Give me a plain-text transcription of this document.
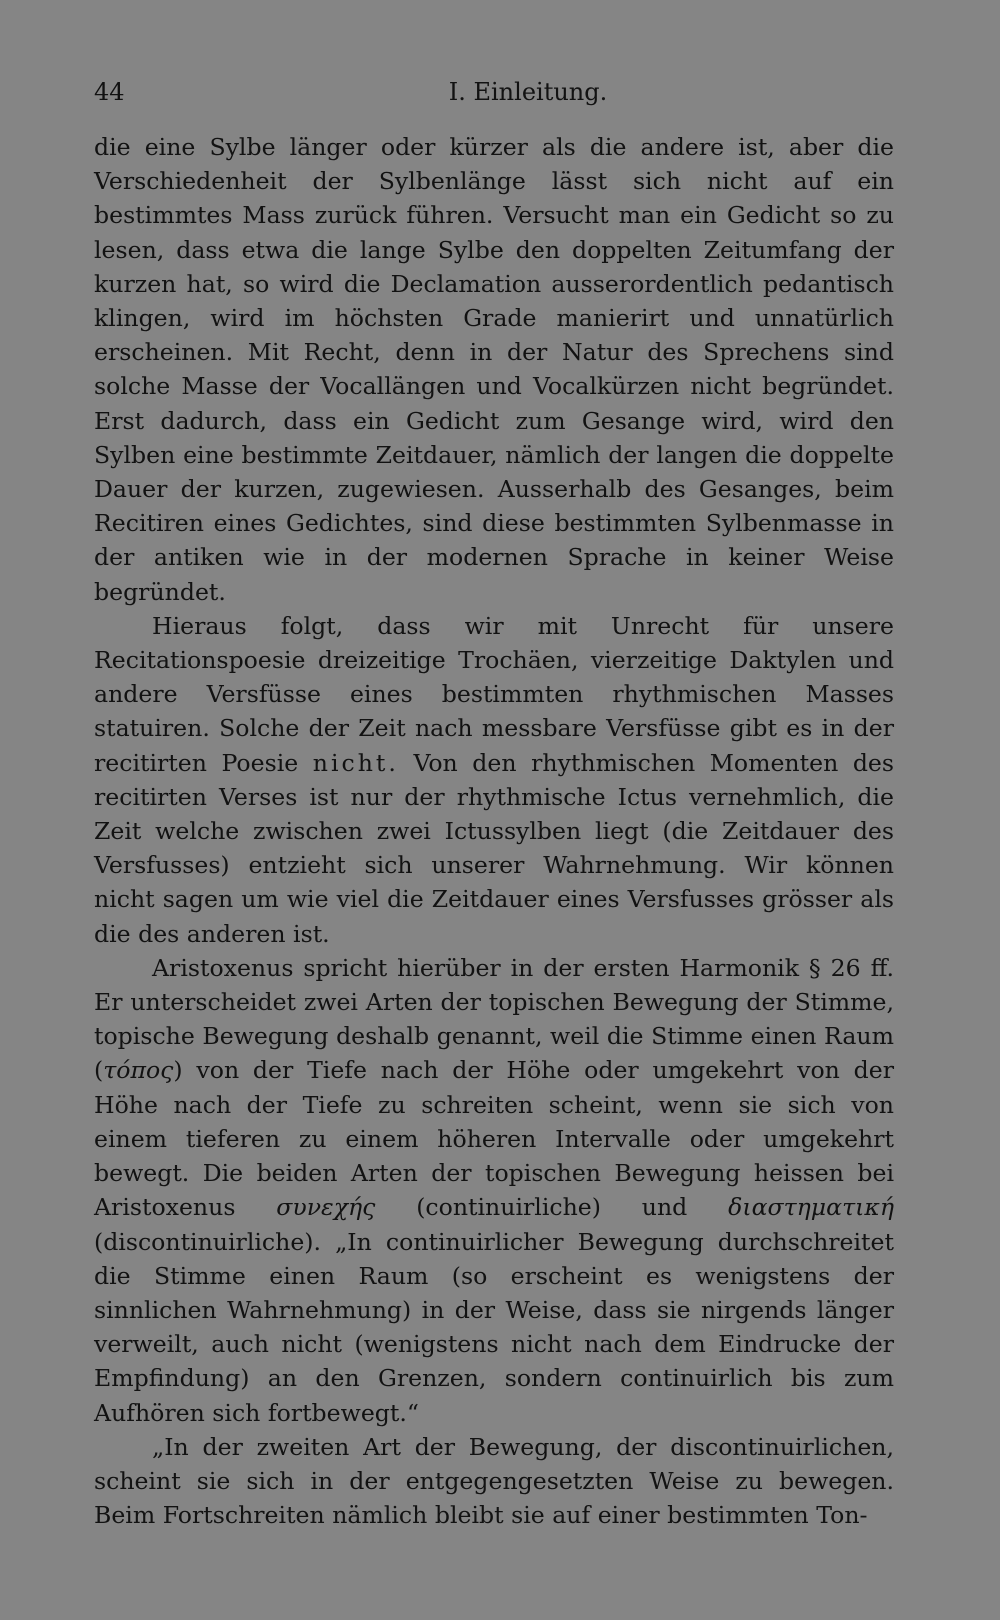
44	I. Einleitung.

die eine Sylbe länger oder kürzer als die andere ist, aber die Verschiedenheit der Sylbenlänge lässt sich nicht auf ein bestimmtes Mass zurück führen. Versucht man ein Gedicht so zu lesen, dass etwa die lange Sylbe den doppelten Zeitumfang der kurzen hat, so wird die Declamation ausserordentlich pedantisch klingen, wird im höchsten Grade manierirt und unnatürlich erscheinen. Mit Recht, denn in der Natur des Sprechens sind solche Masse der Vocallängen und Vocalkürzen nicht begründet. Erst dadurch, dass ein Gedicht zum Gesange wird, wird den Sylben eine bestimmte Zeitdauer, nämlich der langen die doppelte Dauer der kurzen, zugewiesen. Ausserhalb des Gesanges, beim Recitiren eines Gedichtes, sind diese bestimmten Sylbenmasse in der antiken wie in der modernen Sprache in keiner Weise begründet.

Hieraus folgt, dass wir mit Unrecht für unsere Recitationspoesie dreizeitige Trochäen, vierzeitige Daktylen und andere Versfüsse eines bestimmten rhythmischen Masses statuiren. Solche der Zeit nach messbare Versfüsse gibt es in der recitirten Poesie nicht. Von den rhythmischen Momenten des recitirten Verses ist nur der rhythmische Ictus vernehmlich, die Zeit welche zwischen zwei Ictussylben liegt (die Zeitdauer des Versfusses) entzieht sich unserer Wahrnehmung. Wir können nicht sagen um wie viel die Zeitdauer eines Versfusses grösser als die des anderen ist.

Aristoxenus spricht hierüber in der ersten Harmonik § 26 ff. Er unterscheidet zwei Arten der topischen Bewegung der Stimme, topische Bewegung deshalb genannt, weil die Stimme einen Raum (τόπος) von der Tiefe nach der Höhe oder umgekehrt von der Höhe nach der Tiefe zu schreiten scheint, wenn sie sich von einem tieferen zu einem höheren Intervalle oder umgekehrt bewegt. Die beiden Arten der topischen Bewegung heissen bei Aristoxenus συνεχής (continuirliche) und διαστηματική (discontinuirliche). „In continuirlicher Bewegung durchschreitet die Stimme einen Raum (so erscheint es wenigstens der sinnlichen Wahrnehmung) in der Weise, dass sie nirgends länger verweilt, auch nicht (wenigstens nicht nach dem Eindrucke der Empfindung) an den Grenzen, sondern continuirlich bis zum Aufhören sich fortbewegt.“

„In der zweiten Art der Bewegung, der discontinuirlichen, scheint sie sich in der entgegengesetzten Weise zu bewegen. Beim Fortschreiten nämlich bleibt sie auf einer bestimmten Ton-
